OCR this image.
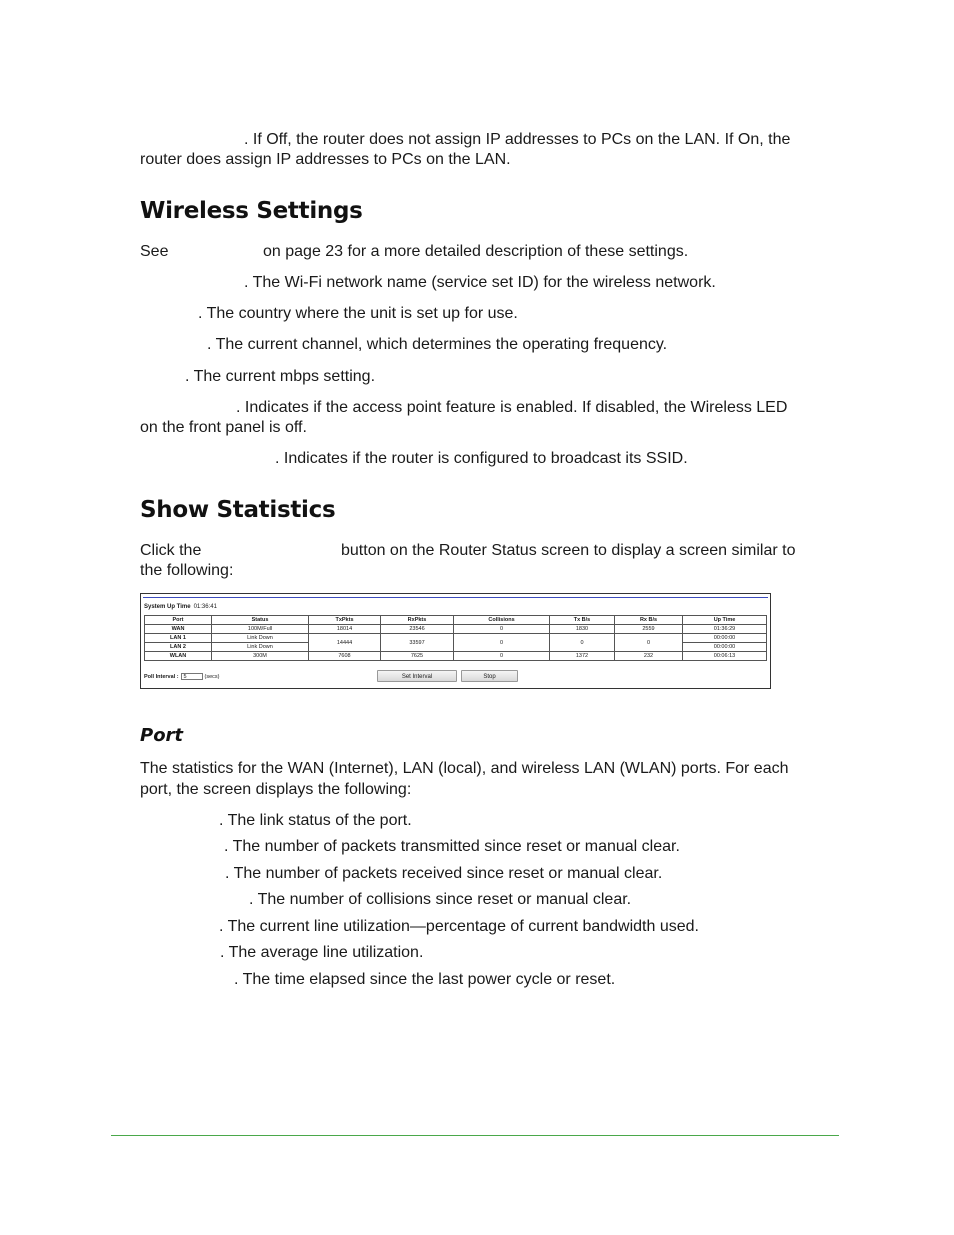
. If Off, the router does not assign IP addresses to PCs on the LAN. If On, the

router does assign IP addresses to PCs on the LAN.

Wireless Settings

See	on page 23 for a more detailed description of these settings.

. The Wi-Fi network name (service set ID) for the wireless network.

. The country where the unit is set up for use.

. The current channel, which determines the operating frequency.

. The current mbps setting.

. Indicates if the access point feature is enabled. If disabled, the Wireless LED

on the front panel is off.

. Indicates if the router is configured to broadcast its SSID.

Show Statistics

Click the	button on the Router Status screen to display a screen similar to

the following:

System Up Time 01:36:41
Port	Status	TxPkts	RxPkts	Collisions	Tx B/s	Rx B/s	Up Time
WAN	100M/Full	18014	23546	0	1830	2559	01:36:29
LAN 1	Link Down	14444	33597	0	0	0	00:00:00
LAN 2	Link Down						00:00:00
WLAN	300M	7608	7625	0	1372	232	00:06:13
Poll Interval : 5	(secs)	Set Interval	Stop
Port

The statistics for the WAN (Internet), LAN (local), and wireless LAN (WLAN) ports. For each

port, the screen displays the following:

. The link status of the port.

. The number of packets transmitted since reset or manual clear.

. The number of packets received since reset or manual clear.

. The number of collisions since reset or manual clear.

. The current line utilization—percentage of current bandwidth used.

. The average line utilization.

. The time elapsed since the last power cycle or reset.
